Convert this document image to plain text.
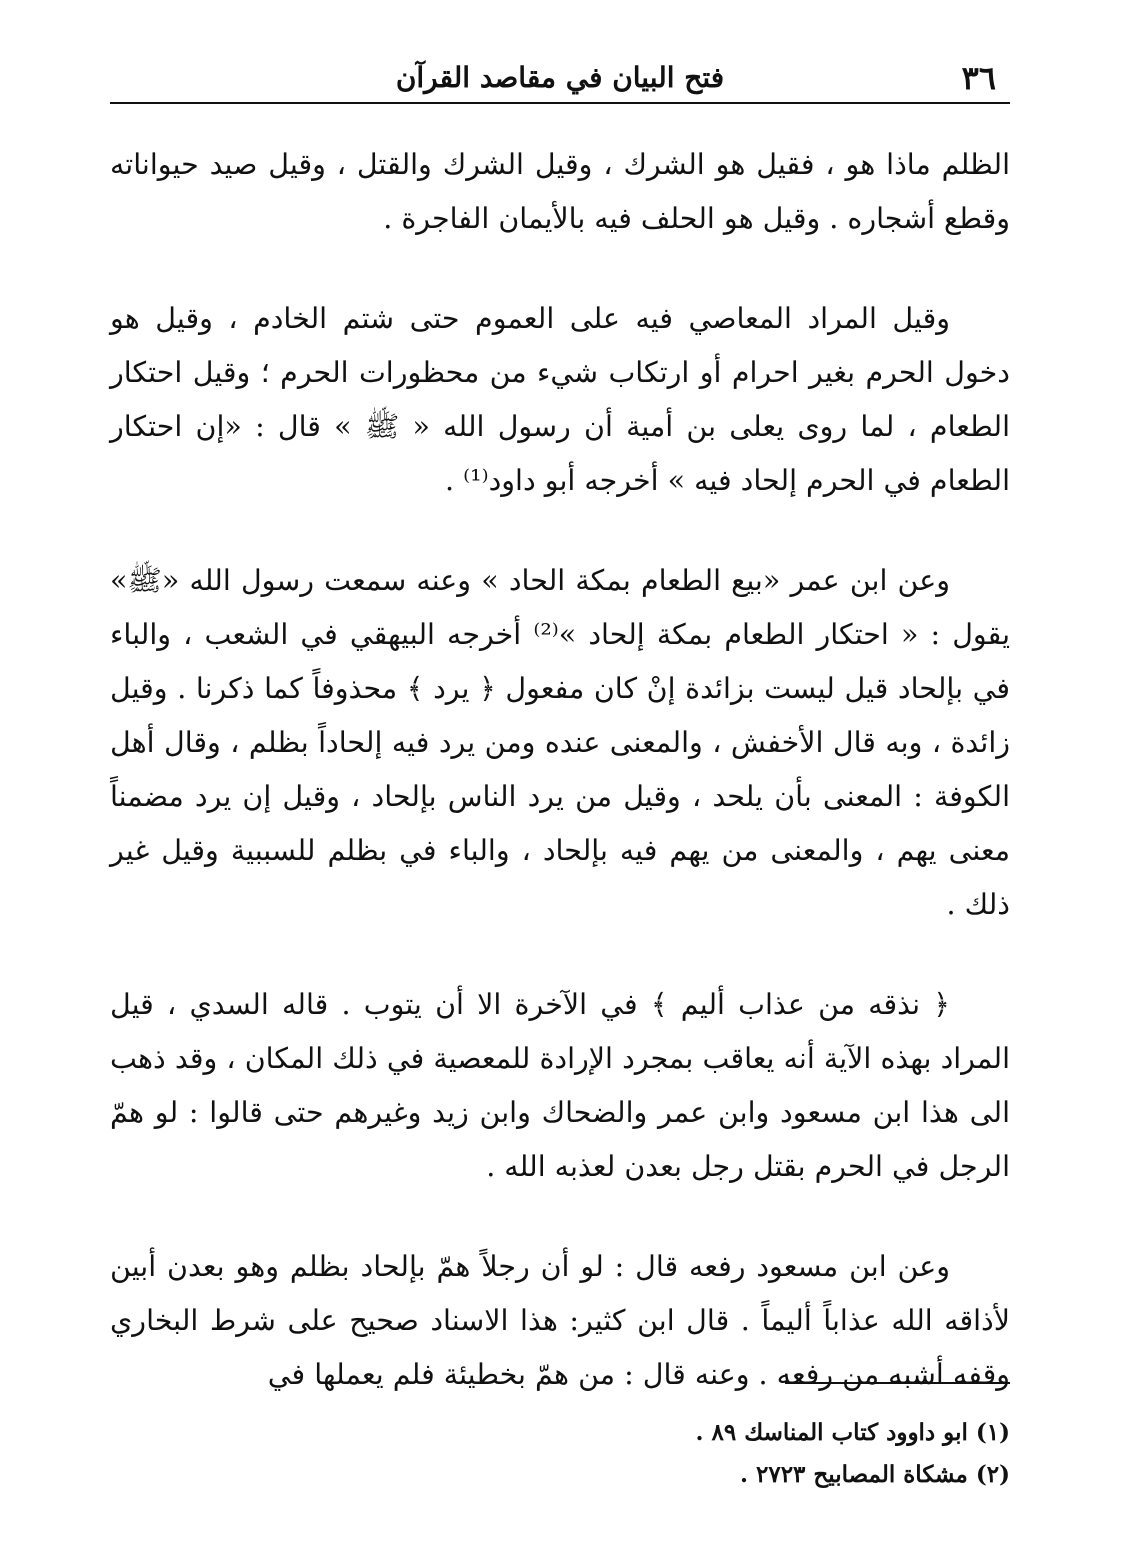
٣٦
فتح البيان في مقاصد القرآن

الظلم ماذا هو ، فقيل هو الشرك ، وقيل الشرك والقتل ، وقيل صيد حيواناته وقطع أشجاره . وقيل هو الحلف فيه بالأيمان الفاجرة .

وقيل المراد المعاصي فيه على العموم حتى شتم الخادم ، وقيل هو دخول الحرم بغير احرام أو ارتكاب شيء من محظورات الحرم ؛ وقيل احتكار الطعام ، لما روى يعلى بن أمية أن رسول الله « ﷺ » قال : «إن احتكار الطعام في الحرم إلحاد فيه » أخرجه أبو داود⁽¹⁾ .

وعن ابن عمر «بيع الطعام بمكة الحاد » وعنه سمعت رسول الله «ﷺ» يقول : « احتكار الطعام بمكة إلحاد »⁽²⁾ أخرجه البيهقي في الشعب ، والباء في بإلحاد قيل ليست بزائدة إنْ كان مفعول ﴿ يرد ﴾ محذوفاً كما ذكرنا . وقيل زائدة ، وبه قال الأخفش ، والمعنى عنده ومن يرد فيه إلحاداً بظلم ، وقال أهل الكوفة : المعنى بأن يلحد ، وقيل من يرد الناس بإلحاد ، وقيل إن يرد مضمناً معنى يهم ، والمعنى من يهم فيه بإلحاد ، والباء في بظلم للسببية وقيل غير ذلك .

﴿ نذقه من عذاب أليم ﴾ في الآخرة الا أن يتوب . قاله السدي ، قيل المراد بهذه الآية أنه يعاقب بمجرد الإرادة للمعصية في ذلك المكان ، وقد ذهب الى هذا ابن مسعود وابن عمر والضحاك وابن زيد وغيرهم حتى قالوا : لو همّ الرجل في الحرم بقتل رجل بعدن لعذبه الله .

وعن ابن مسعود رفعه قال : لو أن رجلاً همّ بإلحاد بظلم وهو بعدن أبين لأذاقه الله عذاباً أليماً . قال ابن كثير: هذا الاسناد صحيح على شرط البخاري وقفه أشبه من رفعه . وعنه قال : من همّ بخطيئة فلم يعملها في

(١) ابو داوود كتاب المناسك ٨٩ .

(٢) مشكاة المصابيح ٢٧٢٣ .
